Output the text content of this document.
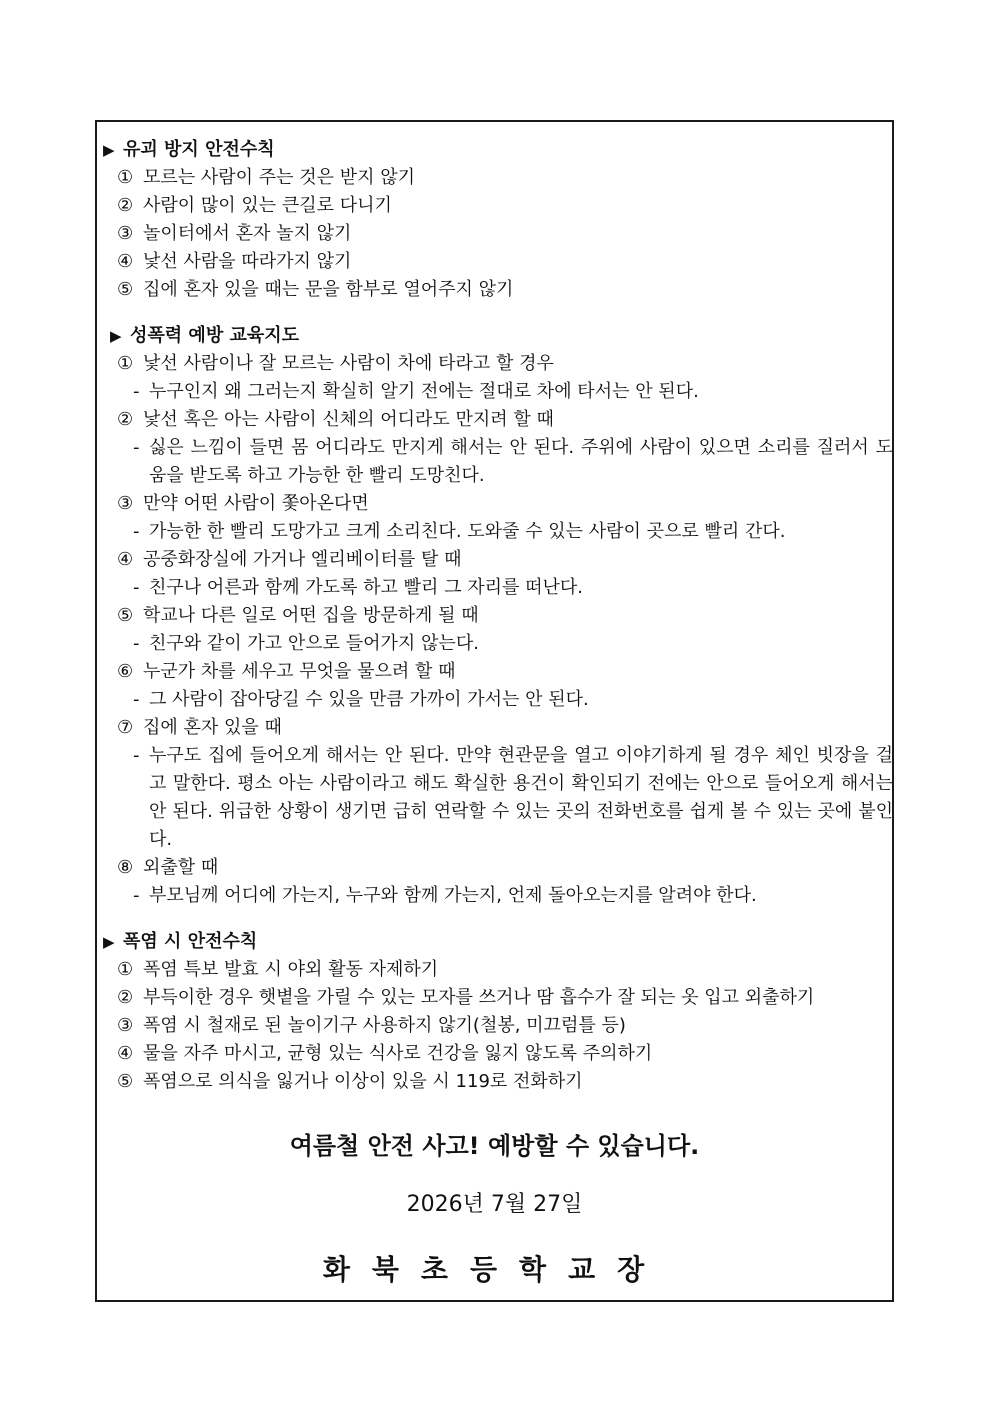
▶ 유괴 방지 안전수칙
① 모르는 사람이 주는 것은 받지 않기
② 사람이 많이 있는 큰길로 다니기
③ 놀이터에서 혼자 놀지 않기
④ 낯선 사람을 따라가지 않기
⑤ 집에 혼자 있을 때는 문을 함부로 열어주지 않기
▶ 성폭력 예방 교육지도
① 낯선 사람이나 잘 모르는 사람이 차에 타라고 할 경우
- 누구인지 왜 그러는지 확실히 알기 전에는 절대로 차에 타서는 안 된다.
② 낯선 혹은 아는 사람이 신체의 어디라도 만지려 할 때
- 싫은 느낌이 들면 몸 어디라도 만지게 해서는 안 된다. 주위에 사람이 있으면 소리를 질러서 도움을 받도록 하고 가능한 한 빨리 도망친다.
③ 만약 어떤 사람이 쫓아온다면
- 가능한 한 빨리 도망가고 크게 소리친다. 도와줄 수 있는 사람이 곳으로 빨리 간다.
④ 공중화장실에 가거나 엘리베이터를 탈 때
- 친구나 어른과 함께 가도록 하고 빨리 그 자리를 떠난다.
⑤ 학교나 다른 일로 어떤 집을 방문하게 될 때
- 친구와 같이 가고 안으로 들어가지 않는다.
⑥ 누군가 차를 세우고 무엇을 물으려 할 때
- 그 사람이 잡아당길 수 있을 만큼 가까이 가서는 안 된다.
⑦ 집에 혼자 있을 때
- 누구도 집에 들어오게 해서는 안 된다. 만약 현관문을 열고 이야기하게 될 경우 체인 빗장을 걸고 말한다. 평소 아는 사람이라고 해도 확실한 용건이 확인되기 전에는 안으로 들어오게 해서는 안 된다. 위급한 상황이 생기면 급히 연락할 수 있는 곳의 전화번호를 쉽게 볼 수 있는 곳에 붙인다.
⑧ 외출할 때
- 부모님께 어디에 가는지, 누구와 함께 가는지, 언제 돌아오는지를 알려야 한다.
▶ 폭염 시 안전수칙
① 폭염 특보 발효 시 야외 활동 자제하기
② 부득이한 경우 햇볕을 가릴 수 있는 모자를 쓰거나 땀 흡수가 잘 되는 옷 입고 외출하기
③ 폭염 시 철재로 된 놀이기구 사용하지 않기(철봉, 미끄럼틀 등)
④ 물을 자주 마시고, 균형 있는 식사로 건강을 잃지 않도록 주의하기
⑤ 폭염으로 의식을 잃거나 이상이 있을 시 119로 전화하기
여름철 안전 사고! 예방할 수 있습니다.
2026년 7월 27일
화북초등학교장
